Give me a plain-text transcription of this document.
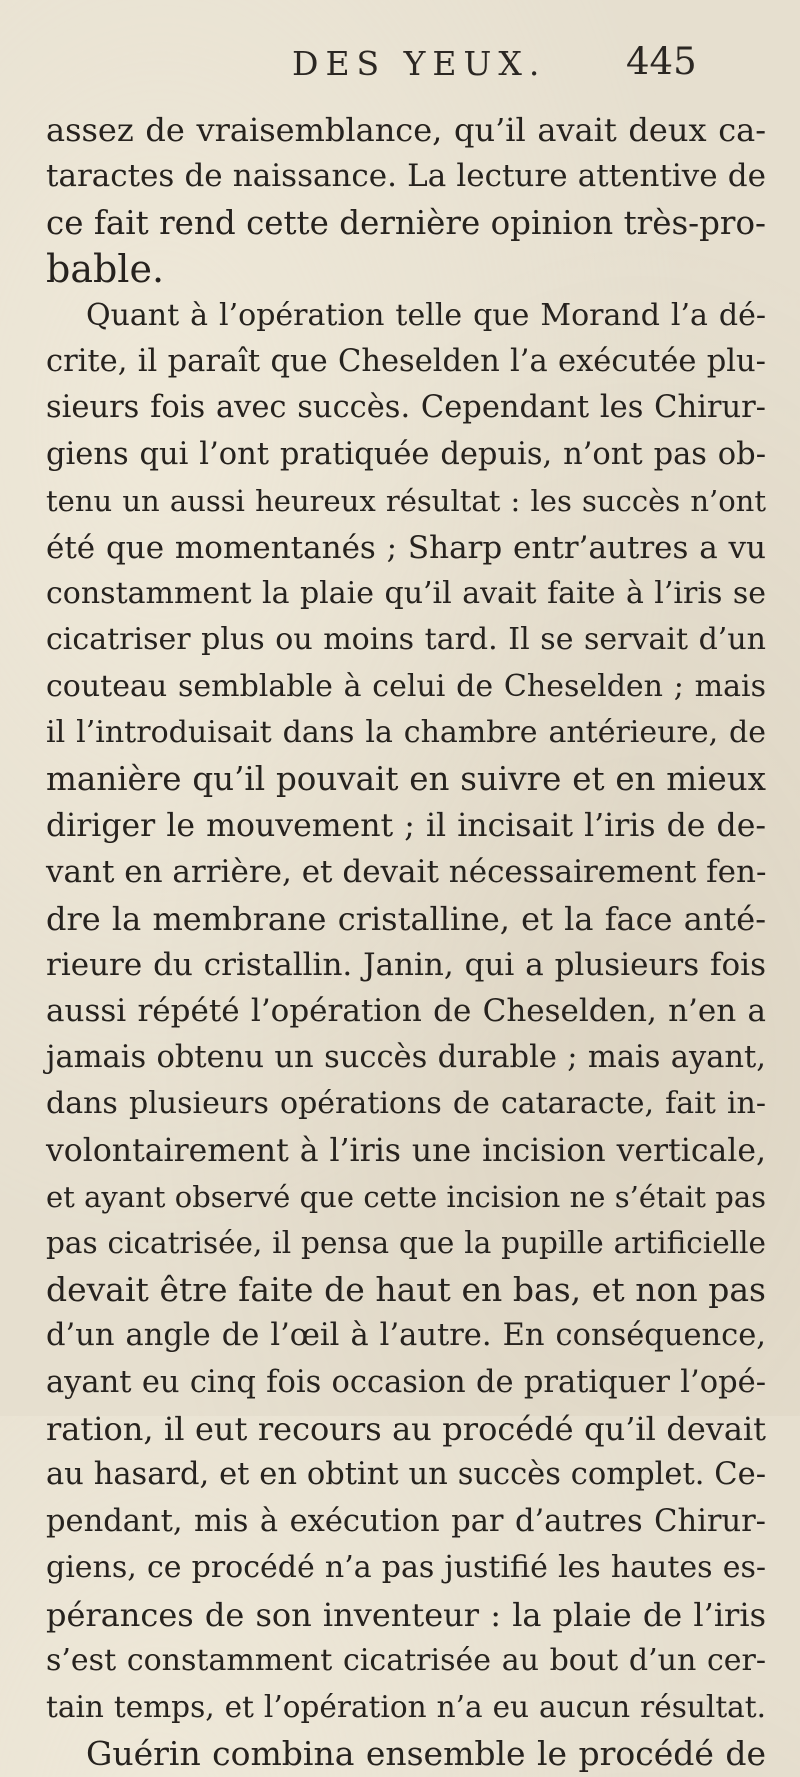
DES YEUX. 445
assez de vraisemblance, qu’il avait deux ca-
taractes de naissance. La lecture attentive de
ce fait rend cette dernière opinion très-pro-
bable.
Quant à l’opération telle que Morand l’a dé-
crite, il paraît que Cheselden l’a exécutée plu-
sieurs fois avec succès. Cependant les Chirur-
giens qui l’ont pratiquée depuis, n’ont pas ob-
tenu un aussi heureux résultat : les succès n’ont
été que momentanés ; Sharp entr’autres a vu
constamment la plaie qu’il avait faite à l’iris se
cicatriser plus ou moins tard. Il se servait d’un
couteau semblable à celui de Cheselden ; mais
il l’introduisait dans la chambre antérieure, de
manière qu’il pouvait en suivre et en mieux
diriger le mouvement ; il incisait l’iris de de-
vant en arrière, et devait nécessairement fen-
dre la membrane cristalline, et la face anté-
rieure du cristallin. Janin, qui a plusieurs fois
aussi répété l’opération de Cheselden, n’en a
jamais obtenu un succès durable ; mais ayant,
dans plusieurs opérations de cataracte, fait in-
volontairement à l’iris une incision verticale,
et ayant observé que cette incision ne s’était pas
pas cicatrisée, il pensa que la pupille artificielle
devait être faite de haut en bas, et non pas
d’un angle de l’œil à l’autre. En conséquence,
ayant eu cinq fois occasion de pratiquer l’opé-
ration, il eut recours au procédé qu’il devait
au hasard, et en obtint un succès complet. Ce-
pendant, mis à exécution par d’autres Chirur-
giens, ce procédé n’a pas justifié les hautes es-
pérances de son inventeur : la plaie de l’iris
s’est constamment cicatrisée au bout d’un cer-
tain temps, et l’opération n’a eu aucun résultat.
Guérin combina ensemble le procédé de
